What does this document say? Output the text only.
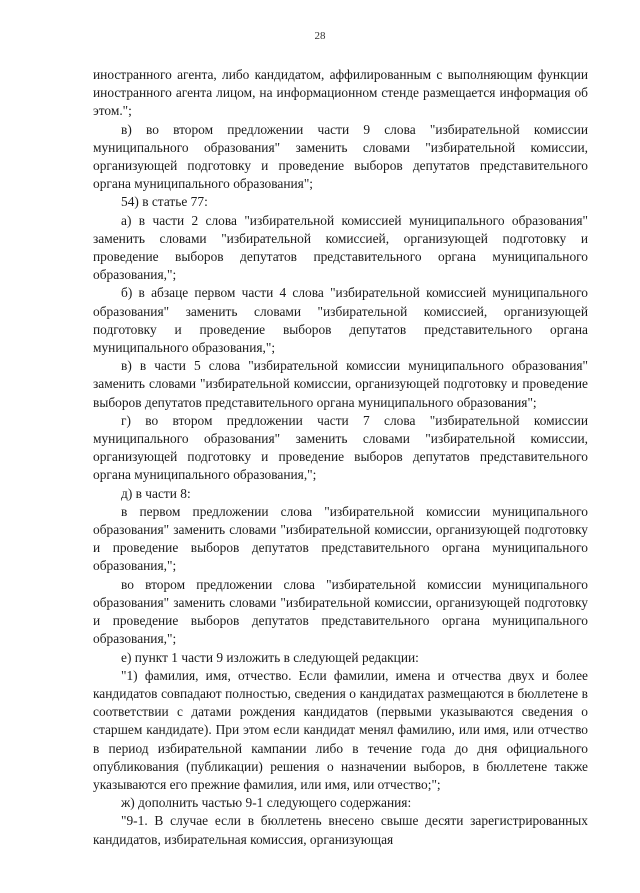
28

иностранного агента, либо кандидатом, аффилированным с выполняющим функции иностранного агента лицом, на информационном стенде размещается информация об этом.";

в) во втором предложении части 9 слова "избирательной комиссии муниципального образования" заменить словами "избирательной комиссии, организующей подготовку и проведение выборов депутатов представительного органа муниципального образования";

54) в статье 77:

а) в части 2 слова "избирательной комиссией муниципального образования" заменить словами "избирательной комиссией, организующей подготовку и проведение выборов депутатов представительного органа муниципального образования,";

б) в абзаце первом части 4 слова "избирательной комиссией муниципального образования" заменить словами "избирательной комиссией, организующей подготовку и проведение выборов депутатов представительного органа муниципального образования,";

в) в части 5 слова "избирательной комиссии муниципального образования" заменить словами "избирательной комиссии, организующей подготовку и проведение выборов депутатов представительного органа муниципального образования";

г) во втором предложении части 7 слова "избирательной комиссии муниципального образования" заменить словами "избирательной комиссии, организующей подготовку и проведение выборов депутатов представительного органа муниципального образования,";

д) в части 8:

в первом предложении слова "избирательной комиссии муниципального образования" заменить словами "избирательной комиссии, организующей подготовку и проведение выборов депутатов представительного органа муниципального образования,";

во втором предложении слова "избирательной комиссии муниципального образования" заменить словами "избирательной комиссии, организующей подготовку и проведение выборов депутатов представительного органа муниципального образования,";

е) пункт 1 части 9 изложить в следующей редакции:

"1) фамилия, имя, отчество. Если фамилии, имена и отчества двух и более кандидатов совпадают полностью, сведения о кандидатах размещаются в бюллетене в соответствии с датами рождения кандидатов (первыми указываются сведения о старшем кандидате). При этом если кандидат менял фамилию, или имя, или отчество в период избирательной кампании либо в течение года до дня официального опубликования (публикации) решения о назначении выборов, в бюллетене также указываются его прежние фамилия, или имя, или отчество;";

ж) дополнить частью 9-1 следующего содержания:

"9-1. В случае если в бюллетень внесено свыше десяти зарегистрированных кандидатов, избирательная комиссия, организующая
